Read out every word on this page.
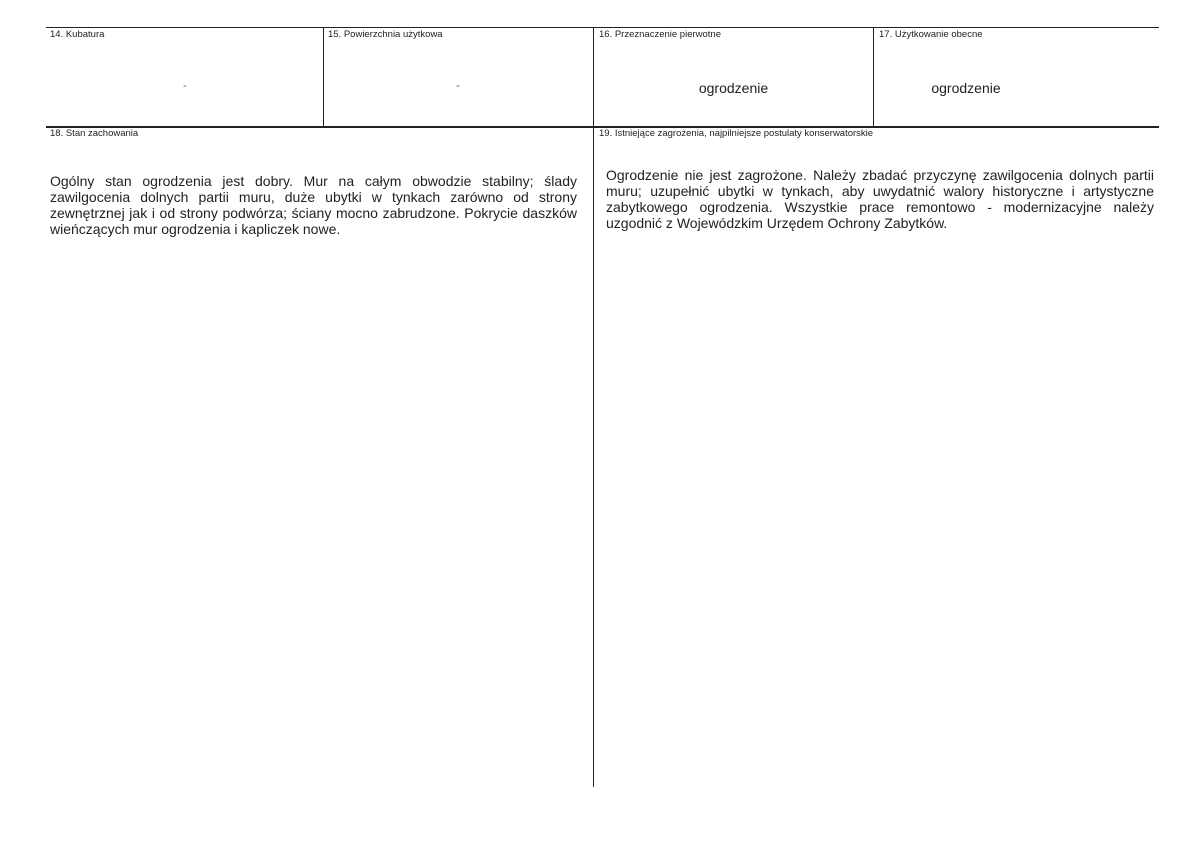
14. Kubatura
-
15. Powierzchnia użytkowa
-
16. Przeznaczenie pierwotne
ogrodzenie
17. Użytkowanie obecne
ogrodzenie
18. Stan zachowania
Ogólny stan ogrodzenia jest dobry. Mur na całym obwodzie stabilny; ślady zawilgocenia dolnych partii muru, duże ubytki w tynkach zarówno od strony zewnętrznej jak i od strony podwórza; ściany mocno zabrudzone. Pokrycie daszków wieńczących mur ogrodzenia i kapliczek nowe.
19. Istniejące zagrożenia, najpilniejsze postulaty konserwatorskie
Ogrodzenie nie jest zagrożone. Należy zbadać przyczynę zawilgocenia dolnych partii muru; uzupełnić ubytki w tynkach, aby uwydatnić walory historyczne i artystyczne zabytkowego ogrodzenia. Wszystkie prace remontowo - modernizacyjne należy uzgodnić z Wojewódzkim Urzędem Ochrony Zabytków.
